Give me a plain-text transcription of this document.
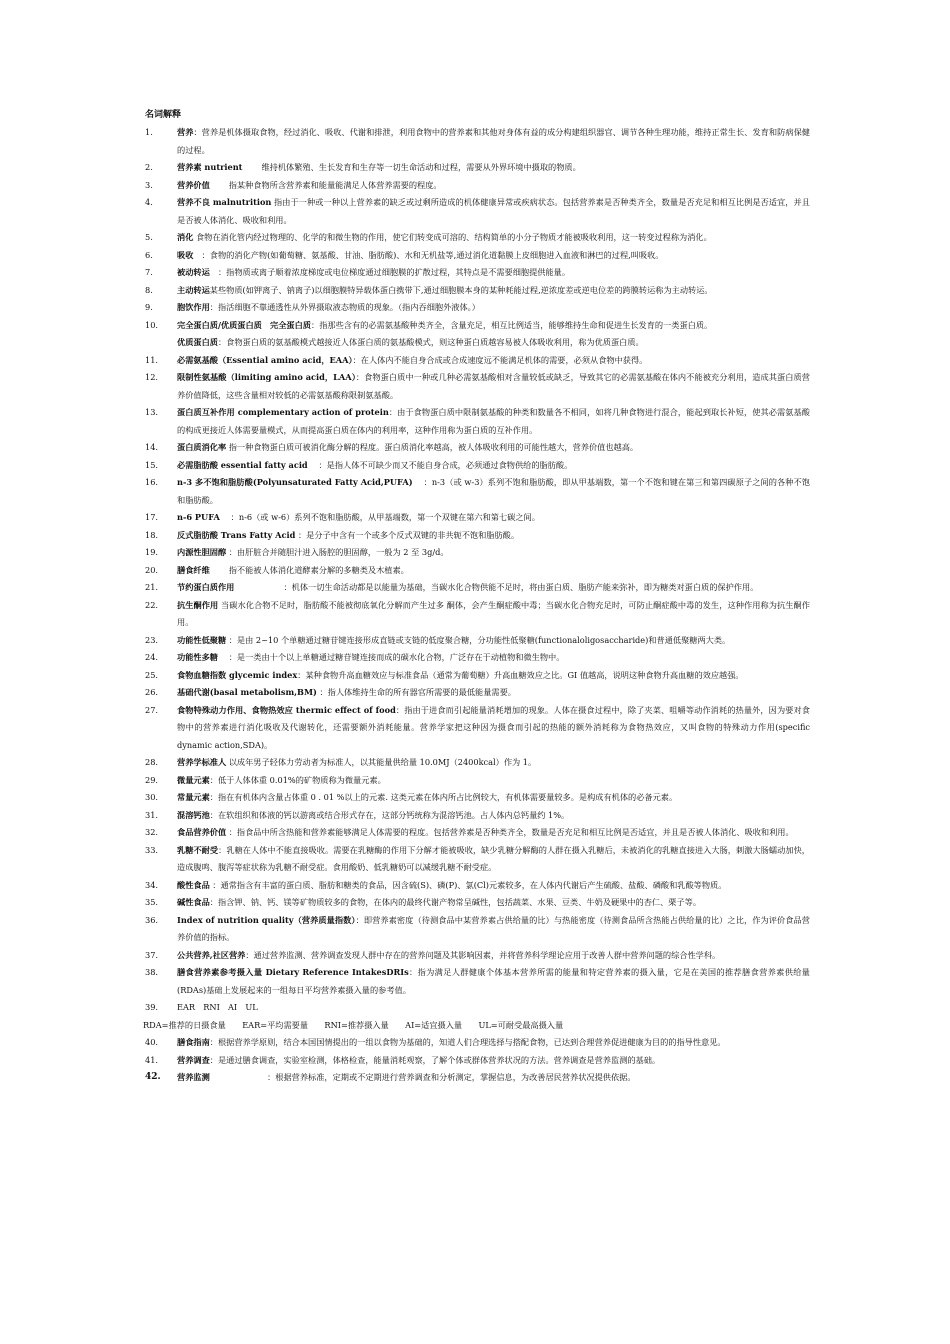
名词解释
1.	营养：营养是机体摄取食物，经过消化、吸收、代谢和排泄，利用食物中的营养素和其他对身体有益的成分构建组织器官、调节各种生理功能，维持正常生长、发育和防病保健的过程。
2.	营养素 nutrient　　 维持机体繁殖、生长发育和生存等一切生命活动和过程，需要从外界环境中摄取的物质。
3.	营养价值　　 指某种食物所含营养素和能量能满足人体营养需要的程度。
4.	营养不良 malnutrition 指由于一种或一种以上营养素的缺乏或过剩所造成的机体健康异常或疾病状态。包括营养素是否种类齐全，数量是否充足和相互比例是否适宜，并且是否被人体消化、吸收和利用。
5.	消化 食物在消化管内经过物理的、化学的和微生物的作用，使它们转变成可溶的、结构简单的小分子物质才能被吸收利用，这一转变过程称为消化。
6.	吸收　：食物的消化产物(如葡萄糖、氨基酸、甘油、脂肪酸)、水和无机盐等,通过消化道黏膜上皮细胞进入血液和淋巴的过程,叫吸收。
7.	被动转运　：指物质或离子顺着浓度梯度或电位梯度通过细胞膜的扩散过程，其特点是不需要细胞提供能量。
8.	主动转运某些物质(如钾离子、钠离子)以细胞膜特异载体蛋白携带下,通过细胞膜本身的某种耗能过程,逆浓度差或逆电位差的跨膜转运称为主动转运。
9.	胞饮作用：指活细胞不靠通透性从外界摄取液态物质的现象。（指内吞细胞外液体。）
10.	完全蛋白质/优质蛋白质　完全蛋白质：指那些含有的必需氨基酸种类齐全，含量充足，相互比例适当，能够维持生命和促进生长发育的一类蛋白质。
优质蛋白质：食物蛋白质的氨基酸模式越接近人体蛋白质的氨基酸模式，则这种蛋白质越容易被人体吸收利用，称为优质蛋白质。
11.	必需氨基酸（Essential amino acid，EAA）：在人体内不能自身合成或合成速度远不能满足机体的需要，必须从食物中获得。
12.	限制性氨基酸（limiting amino acid，LAA）：食物蛋白质中一种或几种必需氨基酸相对含量较低或缺乏，导致其它的必需氨基酸在体内不能被充分利用，造成其蛋白质营养价值降低，这些含量相对较低的必需氨基酸称限制氨基酸。
13.	蛋白质互补作用 complementary action of protein：由于食物蛋白质中限制氨基酸的种类和数量各不相同，如将几种食物进行混合，能起到取长补短，使其必需氨基酸的构成更接近人体需要量模式，从而提高蛋白质在体内的利用率，这种作用称为蛋白质的互补作用。
14.	蛋白质消化率 指一种食物蛋白质可被消化酶分解的程度。蛋白质消化率越高，被人体吸收利用的可能性越大，营养价值也越高。
15.	必需脂肪酸 essential fatty acid　 ：是指人体不可缺少而又不能自身合成，必须通过食物供给的脂肪酸。
16.	n-3 多不饱和脂肪酸(Polyunsaturated Fatty Acid,PUFA)　 ：n-3（或 w-3）系列不饱和脂肪酸，即从甲基端数，第一个不饱和键在第三和第四碳原子之间的各种不饱和脂肪酸。
17.	n-6 PUFA　 ：n-6（或 w-6）系列不饱和脂肪酸，从甲基端数，第一个双键在第六和第七碳之间。
18.	反式脂肪酸 Trans Fatty Acid ：是分子中含有一个或多个反式双键的非共轭不饱和脂肪酸。
19.	内源性胆固醇 ：由肝脏合并随胆汁进入肠腔的胆固醇，一般为 2 至 3g/d。
20.	膳食纤维　　 指不能被人体消化道酵素分解的多糖类及木植素。
21.	节约蛋白质作用　　　　　　：机体一切生命活动都是以能量为基础，当碳水化合物供能不足时，将由蛋白质、脂肪产能来弥补，即为糖类对蛋白质的保护作用。
22.	抗生酮作用 当碳水化合物不足时，脂肪酸不能被彻底氧化分解而产生过多 酮体，会产生酮症酸中毒；当碳水化合物充足时，可防止酮症酸中毒的发生，这种作用称为抗生酮作用。
23.	功能性低聚糖 ：是由 2~10 个单糖通过糖苷键连接形成直链或支链的低度聚合糖，分功能性低聚糖(functionaloligosaccharide)和普通低聚糖两大类。
24.	功能性多糖　 ：是一类由十个以上单糖通过糖苷键连接而成的碳水化合物，广泛存在于动植物和微生物中。
25.	食物血糖指数 glycemic index：某种食物升高血糖效应与标准食品（通常为葡萄糖）升高血糖效应之比。GI 值越高，说明这种食物升高血糖的效应越强。
26.	基础代谢(basal metabolism,BM) ：指人体维持生命的所有器官所需要的最低能量需要。
27.	食物特殊动力作用、食物热效应 thermic effect of food：指由于进食而引起能量消耗增加的现象。人体在摄食过程中，除了夹菜、咀嚼等动作消耗的热量外，因为要对食物中的营养素进行消化吸收及代谢转化，还需要额外消耗能量。营养学家把这种因为摄食而引起的热能的额外消耗称为食物热效应，又叫食物的特殊动力作用(specific dynamic action,SDA)。
28.	营养学标准人 以成年男子轻体力劳动者为标准人，以其能量供给量 10.0MJ（2400kcal）作为 1。
29.	微量元素：低于人体体重 0.01%的矿物质称为微量元素。
30.	常量元素：指在有机体内含量占体重 0 . 01 %以上的元素. 这类元素在体内所占比例较大，有机体需要量较多。是构成有机体的必备元素。
31.	混溶钙池：在软组织和体液的钙以游离或结合形式存在，这部分钙统称为混溶钙池。占人体内总钙量约 1%。
32.	食品营养价值 ：指食品中所含热能和营养素能够满足人体需要的程度。包括营养素是否种类齐全，数量是否充足和相互比例是否适宜，并且是否被人体消化、吸收和利用。
33.	乳糖不耐受：乳糖在人体中不能直接吸收。需要在乳糖酶的作用下分解才能被吸收，缺少乳糖分解酶的人群在摄入乳糖后，未被消化的乳糖直接进入大肠，刺激大肠蠕动加快，造成腹鸣、腹泻等症状称为乳糖不耐受症。食用酸奶、低乳糖奶可以减缓乳糖不耐受症。
34.	酸性食品 ：通常指含有丰富的蛋白质、脂肪和糖类的食品，因含硫(S)、磷(P)、氯(Cl)元素较多，在人体内代谢后产生硫酸、盐酸、磷酸和乳酸等物质。
35.	碱性食品：指含钾、钠、钙、镁等矿物质较多的食物，在体内的最终代谢产物常呈碱性，包括蔬菜、水果、豆类、牛奶及硬果中的杏仁、栗子等。
36.	Index of nutrition quality（营养质量指数）：即营养素密度（待测食品中某营养素占供给量的比）与热能密度（待测食品所含热能占供给量的比）之比，作为评价食品营养价值的指标。
37.	公共营养,社区营养：通过营养监测、营养调查发现人群中存在的营养问题及其影响因素，并将营养科学理论应用于改善人群中营养问题的综合性学科。
38.	膳食营养素参考摄入量 Dietary Reference IntakesDRIs：指为满足人群健康个体基本营养所需的能量和特定营养素的摄入量，它是在美国的推荐膳食营养素供给量(RDAs)基础上发展起来的一组每日平均营养素摄入量的参考值。
39.	EAR　RNI　AI　UL
RDA=推荐的日摄食量　　EAR=平均需要量　　RNI=推荐摄入量　　AI=适宜摄入量　　UL=可耐受最高摄入量
40.	膳食指南：根据营养学原则，结合本国国情提出的一组以食物为基础的，知道人们合理选择与搭配食物，已达到合理营养促进健康为目的的指导性意见。
41.	营养调查：是通过膳食调查，实验室检测，体格检查，能量消耗观察，了解个体或群体营养状况的方法。营养调查是营养监测的基础。
42.	营养监测　　　　　　　：根据营养标准，定期或不定期进行营养调查和分析测定，掌握信息，为改善居民营养状况提供依据。
